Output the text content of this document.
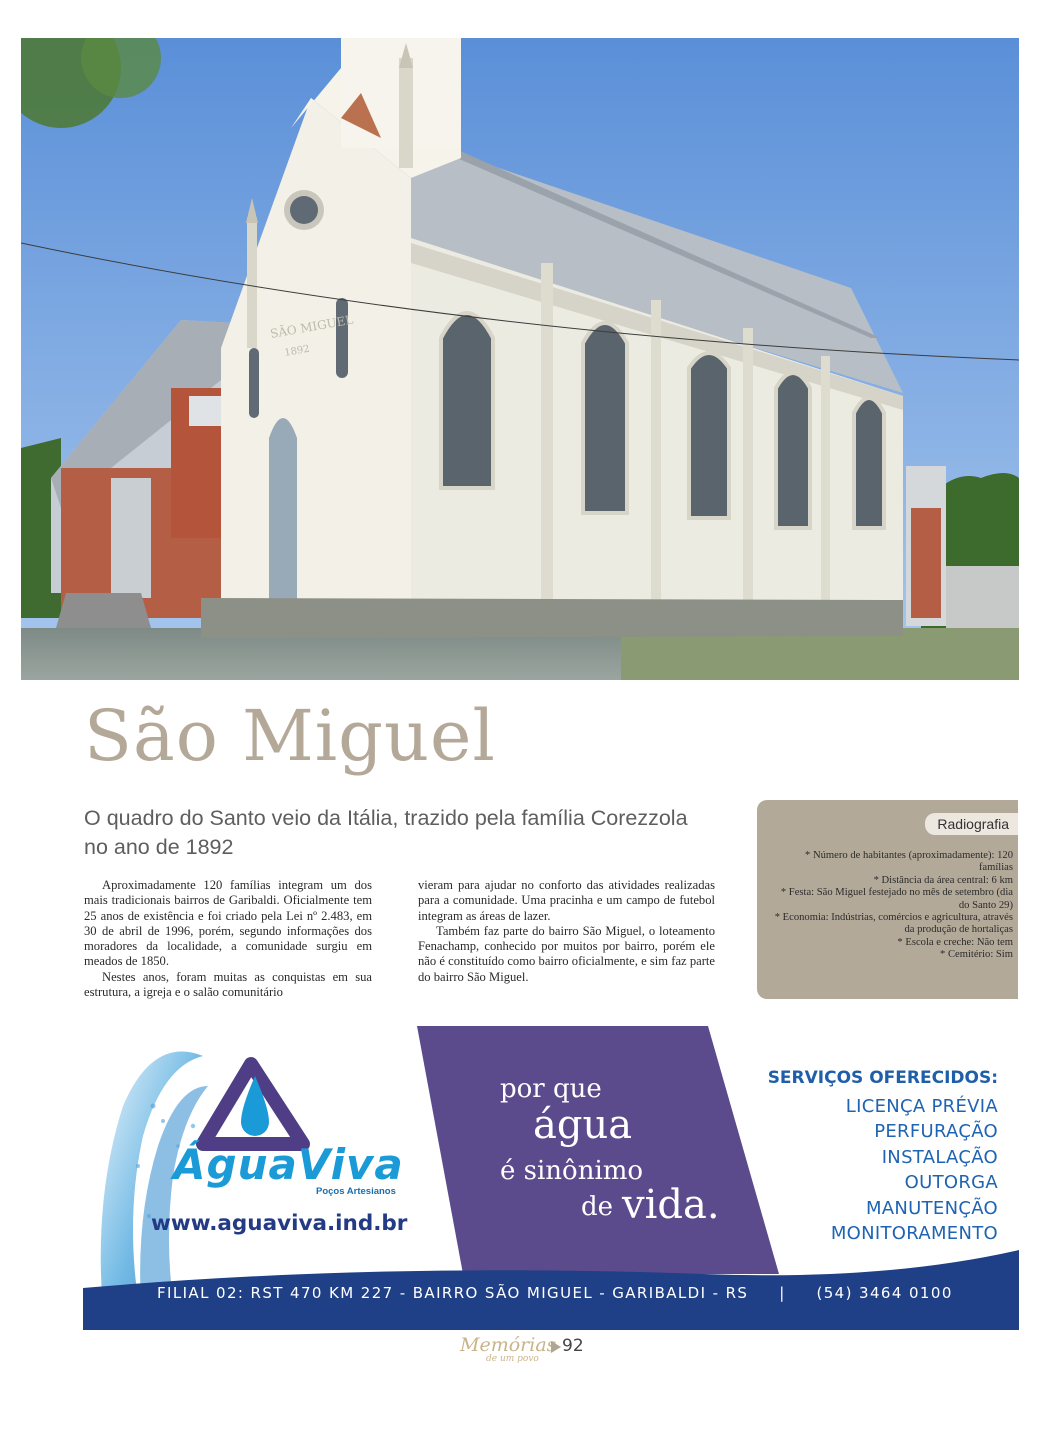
SÃO MIGUEL
1892
São Miguel

O quadro do Santo veio da Itália, trazido pela família Corezzola no ano de 1892

Aproximadamente 120 famílias integram um dos mais tradicionais bairros de Garibaldi. Oficialmente tem 25 anos de existência e foi criado pela Lei nº 2.483, em 30 de abril de 1996, porém, segundo informações dos moradores da localidade, a comunidade surgiu em meados de 1850.

Nestes anos, foram muitas as conquistas em sua estrutura, a igreja e o salão comunitário

vieram para ajudar no conforto das atividades realizadas para a comunidade. Uma pracinha e um campo de futebol integram as áreas de lazer.

Também faz parte do bairro São Miguel, o loteamento Fenachamp, conhecido por muitos por bairro, porém ele não é constituído como bairro oficialmente, e sim faz parte do bairro São Miguel.

Radiografia
* Número de habitantes (aproximadamente): 120 famílias
* Distância da área central: 6 km
* Festa: São Miguel festejado no mês de setembro (dia do Santo 29)
* Economia: Indústrias, comércios e agricultura, através da produção de hortaliças
* Escola e creche: Não tem
* Cemitério: Sim
ÁguaViva
Poços Artesianos
www.aguaviva.ind.br
por que
água
é sinônimo
de vida.
SERVIÇOS OFERECIDOS:
LICENÇA PRÉVIA
PERFURAÇÃO
INSTALAÇÃO
OUTORGA
MANUTENÇÃO
MONITORAMENTO
FILIAL 02: RST 470 KM 227 - BAIRRO SÃO MIGUEL - GARIBALDI - RS     |     (54) 3464 0100
Memórias
de um povo
92
